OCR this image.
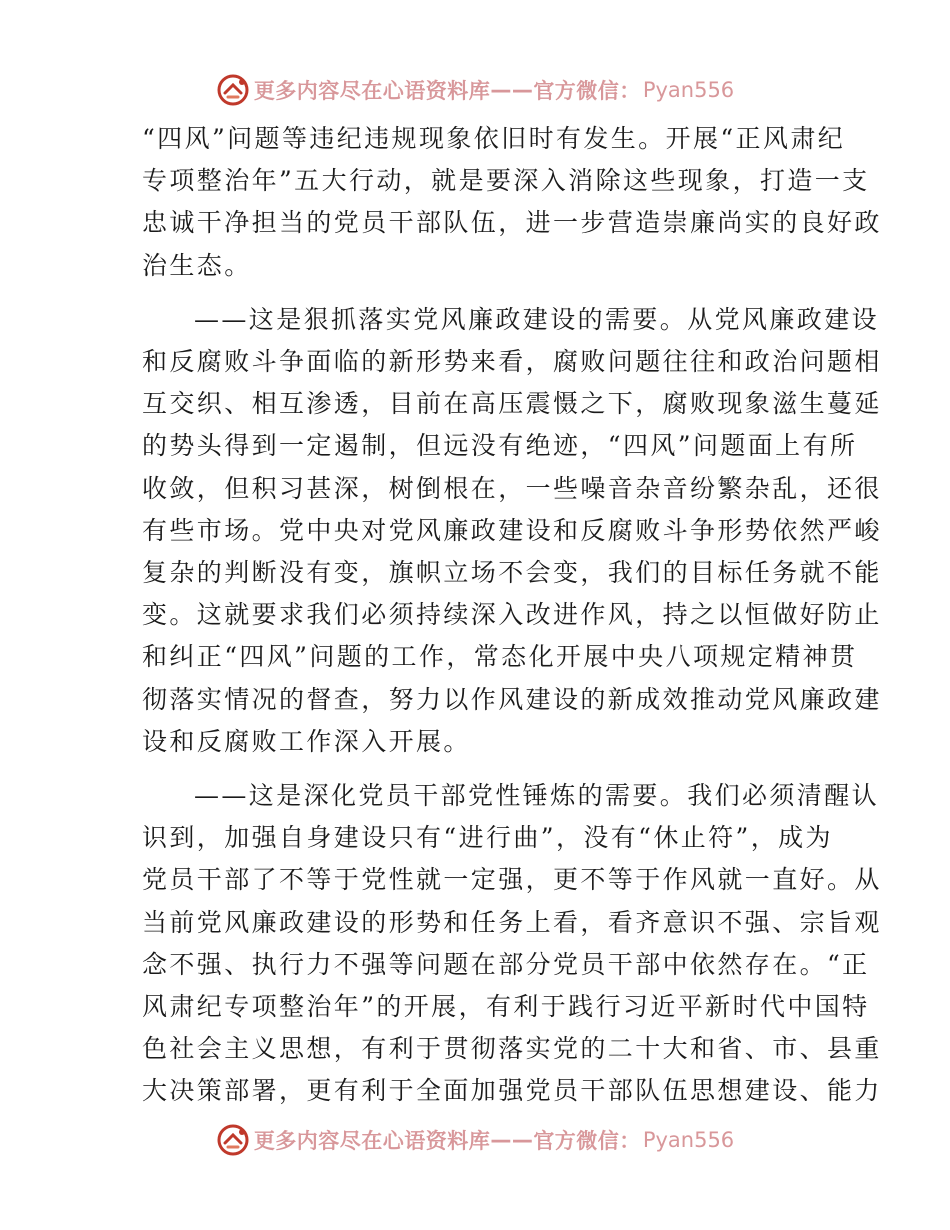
更多内容尽在心语资料库 —— 官方微信： Pyan556

“四风”问题等违纪违规现象依旧时有发生。开展“正风肃纪
专项整治年”五大行动，就是要深入消除这些现象，打造一支
忠诚干净担当的党员干部队伍，进一步营造崇廉尚实的良好政
治生态。

——这是狠抓落实党风廉政建设的需要。从党风廉政建设
和反腐败斗争面临的新形势来看，腐败问题往往和政治问题相
互交织、相互渗透，目前在高压震慑之下，腐败现象滋生蔓延
的势头得到一定遏制，但远没有绝迹，“四风”问题面上有所
收敛，但积习甚深，树倒根在，一些噪音杂音纷繁杂乱，还很
有些市场。党中央对党风廉政建设和反腐败斗争形势依然严峻
复杂的判断没有变，旗帜立场不会变，我们的目标任务就不能
变。这就要求我们必须持续深入改进作风，持之以恒做好防止
和纠正“四风”问题的工作，常态化开展中央八项规定精神贯
彻落实情况的督查，努力以作风建设的新成效推动党风廉政建
设和反腐败工作深入开展。

——这是深化党员干部党性锤炼的需要。我们必须清醒认
识到，加强自身建设只有“进行曲”，没有“休止符”，成为
党员干部了不等于党性就一定强，更不等于作风就一直好。从
当前党风廉政建设的形势和任务上看，看齐意识不强、宗旨观
念不强、执行力不强等问题在部分党员干部中依然存在。“正
风肃纪专项整治年”的开展，有利于践行习近平新时代中国特
色社会主义思想，有利于贯彻落实党的二十大和省、市、县重
大决策部署，更有利于全面加强党员干部队伍思想建设、能力

更多内容尽在心语资料库 —— 官方微信： Pyan556
